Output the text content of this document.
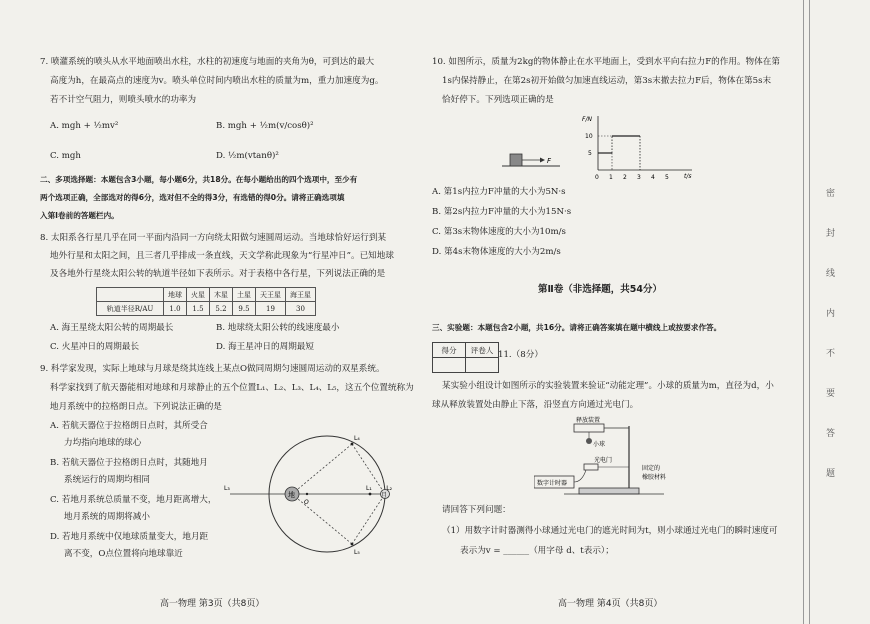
7. 喷灌系统的喷头从水平地面喷出水柱，水柱的初速度与地面的夹角为θ，可到达的最大
高度为h，在最高点的速度为v。喷头单位时间内喷出水柱的质量为m，重力加速度为g。
若不计空气阻力，则喷头喷水的功率为
A. mgh + ½mv²	B. mgh + ½m(v/cosθ)²
C. mgh	D. ½m(vtanθ)²
二、多项选择题：本题包含3小题，每小题6分，共18分。在每小题给出的四个选项中，至少有
两个选项正确，全部选对的得6分，选对但不全的得3分，有选错的得0分。请将正确选项填
入第Ⅰ卷前的答题栏内。
8. 太阳系各行星几乎在同一平面内沿同一方向绕太阳做匀速圆周运动。当地球恰好运行到某
地外行星和太阳之间，且三者几乎排成一条直线，天文学称此现象为“行星冲日”。已知地球
及各地外行星绕太阳公转的轨道半径如下表所示。对于表格中各行星，下列说法正确的是
	地球	火星	木星	土星	天王星	海王星
轨道半径R/AU	1.0	1.5	5.2	9.5	19	30
A. 海王星绕太阳公转的周期最长	B. 地球绕太阳公转的线速度最小
C. 火星冲日的周期最长	D. 海王星冲日的周期最短
9. 科学家发现，实际上地球与月球是绕其连线上某点O做同周期匀速圆周运动的双星系统。
科学家找到了航天器能相对地球和月球静止的五个位置L₁、L₂、L₃、L₄、L₅，这五个位置统称为
地月系统中的拉格朗日点。下列说法正确的是
A. 若航天器位于拉格朗日点时，其所受合
力均指向地球的球心
B. 若航天器位于拉格朗日点时，其随地月
系统运行的周期均相同
C. 若地月系统总质量不变，地月距离增大，
地月系统的周期将减小
D. 若地月系统中仅地球质量变大，地月距
离不变，O点位置将向地球靠近
地	月
O
L₁ L₂
L₃
L₄
L₅
高一物理 第3页（共8页）
10. 如图所示，质量为2kg的物体静止在水平地面上，受到水平向右拉力F的作用。物体在第
1s内保持静止，在第2s初开始做匀加速直线运动，第3s末撤去拉力F后，物体在第5s末
恰好停下。下列选项正确的是
F
F/N
t/s
10
5
0 1 2 3 4 5
A. 第1s内拉力F冲量的大小为5N·s
B. 第2s内拉力F冲量的大小为15N·s
C. 第3s末物体速度的大小为10m/s
D. 第4s末物体速度的大小为2m/s
第Ⅱ卷（非选择题，共54分）
三、实验题：本题包含2小题，共16分。请将正确答案填在题中横线上或按要求作答。
得分	评卷人
	11.（8分）
某实验小组设计如图所示的实验装置来验证“动能定理”。小球的质量为m，直径为d，小
球从释放装置处由静止下落，沿竖直方向通过光电门。
释放装置
小球
光电门
数字计时器
固定的
橡胶材料
请回答下列问题：
（1）用数字计时器测得小球通过光电门的遮光时间为t，则小球通过光电门的瞬时速度可
表示为v = ______（用字母 d、t表示）；
高一物理 第4页（共8页）
密
封
线
内
不
要
答
题
